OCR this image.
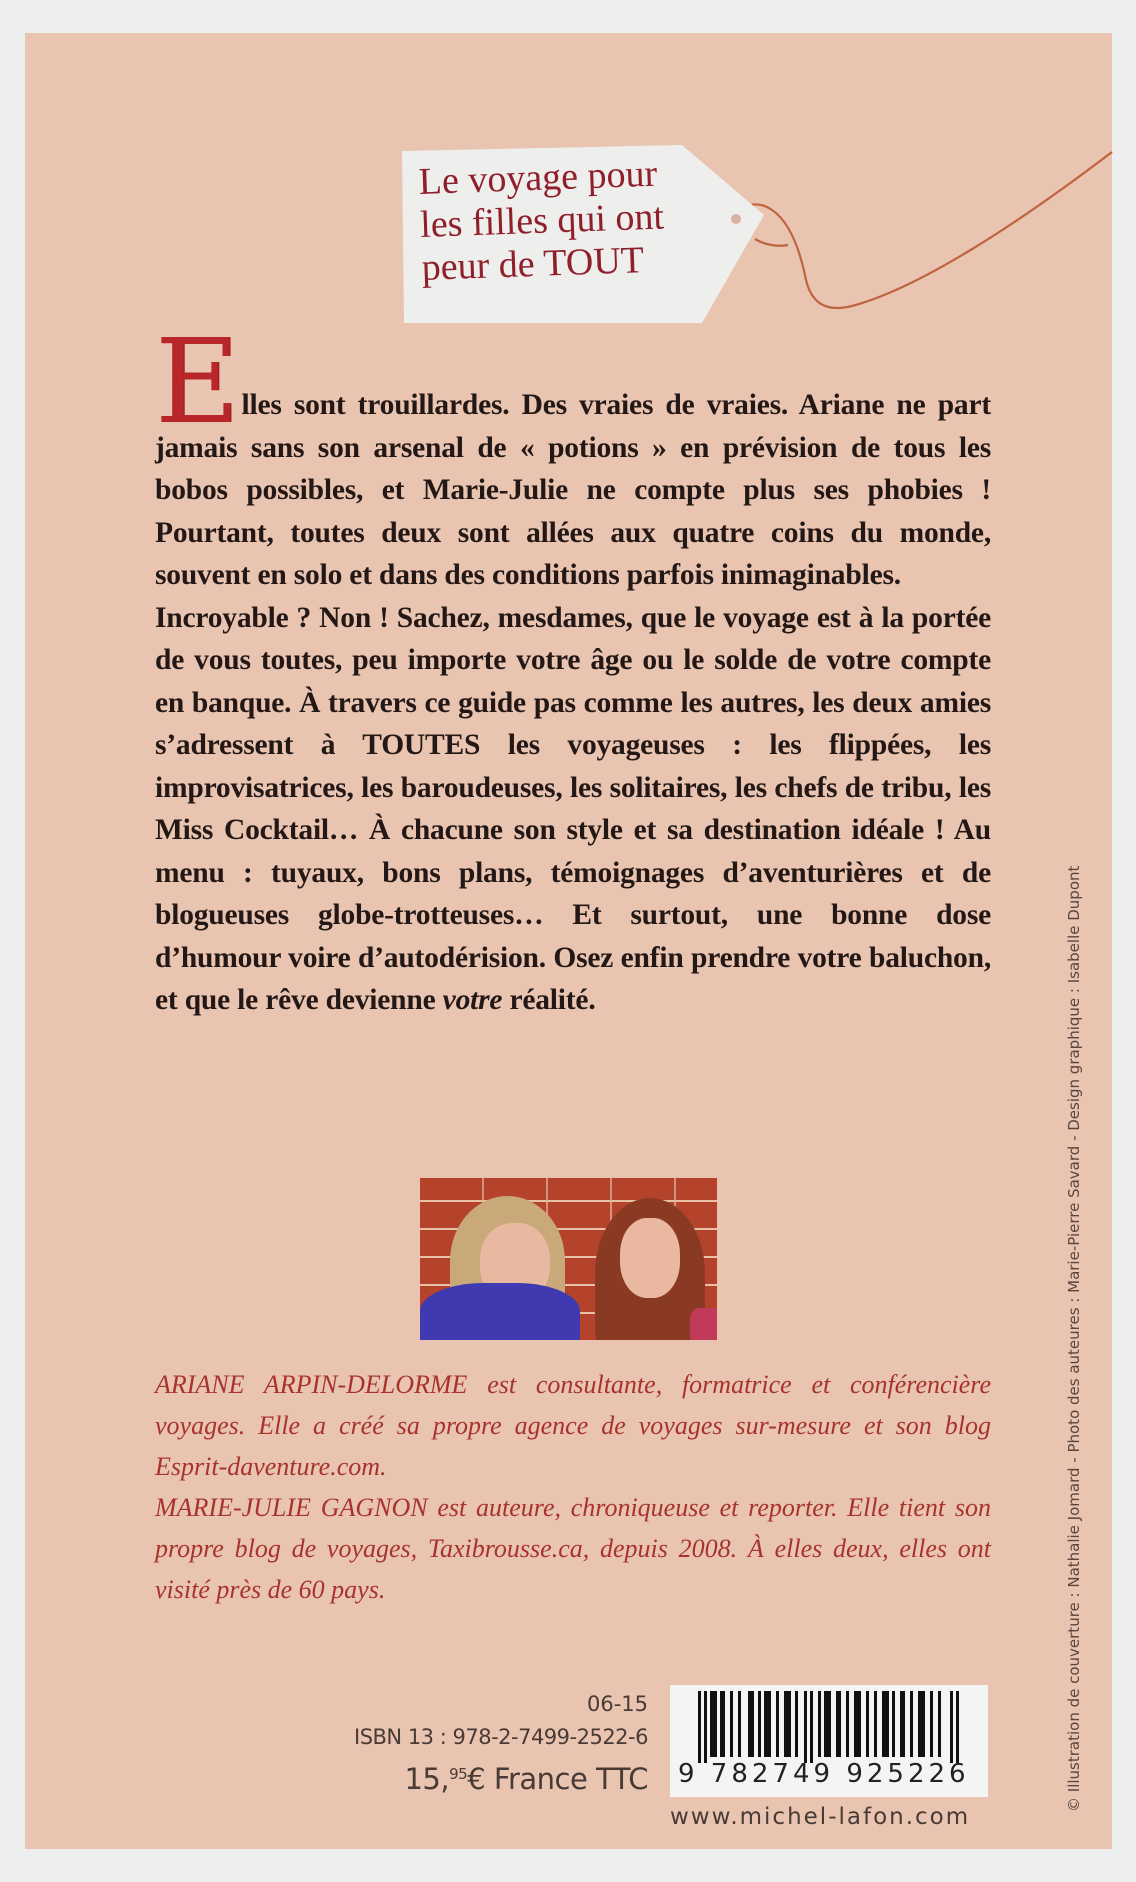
Le voyage pour
les filles qui ont
peur de TOUT

Elles sont trouillardes. Des vraies de vraies. Ariane ne part jamais sans son arsenal de « potions » en prévision de tous les bobos possibles, et Marie-Julie ne compte plus ses phobies ! Pourtant, toutes deux sont allées aux quatre coins du monde, souvent en solo et dans des conditions parfois inimaginables.

Incroyable ? Non ! Sachez, mesdames, que le voyage est à la portée de vous toutes, peu importe votre âge ou le solde de votre compte en banque. À travers ce guide pas comme les autres, les deux amies s’adressent à TOUTES les voyageuses : les flippées, les improvisatrices, les baroudeuses, les solitaires, les chefs de tribu, les Miss Cocktail… À chacune son style et sa destination idéale ! Au menu : tuyaux, bons plans, témoignages d’aventurières et de blogueuses globe-trotteuses… Et surtout, une bonne dose d’humour voire d’autodérision. Osez enfin prendre votre baluchon, et que le rêve devienne votre réalité.

ARIANE ARPIN-DELORME est consultante, formatrice et conférencière voyages. Elle a créé sa propre agence de voyages sur-mesure et son blog Esprit-daventure.com.

MARIE-JULIE GAGNON est auteure, chroniqueuse et reporter. Elle tient son propre blog de voyages, Taxibrousse.ca, depuis 2008. À elles deux, elles ont visité près de 60 pays.

06-15
ISBN 13 : 978-2-7499-2522-6
15,95€ France TTC 9 782749 925226
www.michel-lafon.com
© Illustration de couverture : Nathalie Jomard - Photo des auteures : Marie-Pierre Savard - Design graphique : Isabelle Dupont
